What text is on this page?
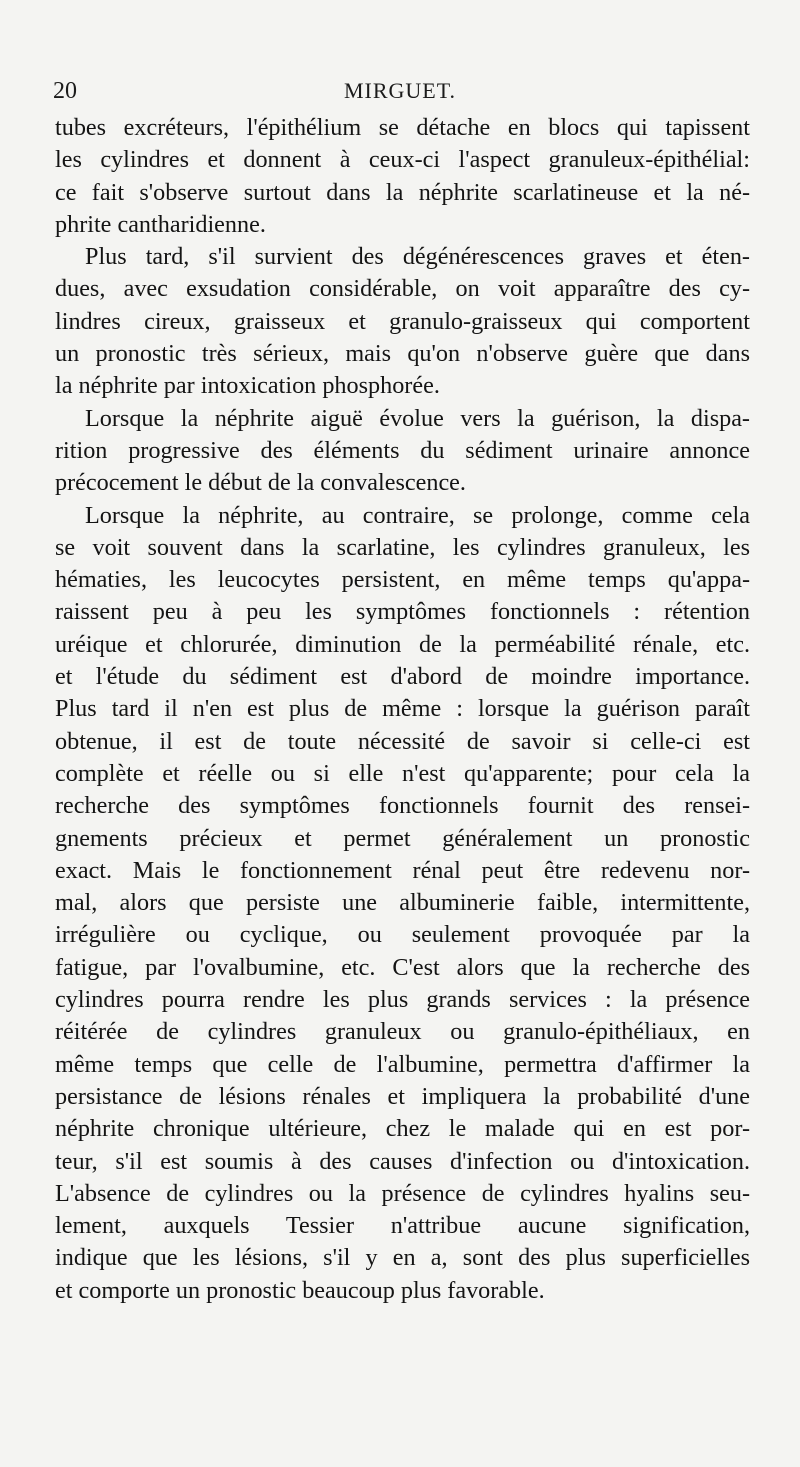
20	MIRGUET.
tubes excréteurs, l'épithélium se détache en blocs qui tapissent
les cylindres et donnent à ceux-ci l'aspect granuleux-épithélial:
ce fait s'observe surtout dans la néphrite scarlatineuse et la né-
phrite cantharidienne.
Plus tard, s'il survient des dégénérescences graves et éten-
dues, avec exsudation considérable, on voit apparaître des cy-
lindres cireux, graisseux et granulo-graisseux qui comportent
un pronostic très sérieux, mais qu'on n'observe guère que dans
la néphrite par intoxication phosphorée.
Lorsque la néphrite aiguë évolue vers la guérison, la dispa-
rition progressive des éléments du sédiment urinaire annonce
précocement le début de la convalescence.
Lorsque la néphrite, au contraire, se prolonge, comme cela
se voit souvent dans la scarlatine, les cylindres granuleux, les
hématies, les leucocytes persistent, en même temps qu'appa-
raissent peu à peu les symptômes fonctionnels : rétention
uréique et chlorurée, diminution de la perméabilité rénale, etc.
et l'étude du sédiment est d'abord de moindre importance.
Plus tard il n'en est plus de même : lorsque la guérison paraît
obtenue, il est de toute nécessité de savoir si celle-ci est
complète et réelle ou si elle n'est qu'apparente; pour cela la
recherche des symptômes fonctionnels fournit des rensei-
gnements précieux et permet généralement un pronostic
exact. Mais le fonctionnement rénal peut être redevenu nor-
mal, alors que persiste une albuminerie faible, intermittente,
irrégulière ou cyclique, ou seulement provoquée par la
fatigue, par l'ovalbumine, etc. C'est alors que la recherche des
cylindres pourra rendre les plus grands services : la présence
réitérée de cylindres granuleux ou granulo-épithéliaux, en
même temps que celle de l'albumine, permettra d'affirmer la
persistance de lésions rénales et impliquera la probabilité d'une
néphrite chronique ultérieure, chez le malade qui en est por-
teur, s'il est soumis à des causes d'infection ou d'intoxication.
L'absence de cylindres ou la présence de cylindres hyalins seu-
lement, auxquels Tessier n'attribue aucune signification,
indique que les lésions, s'il y en a, sont des plus superficielles
et comporte un pronostic beaucoup plus favorable.
